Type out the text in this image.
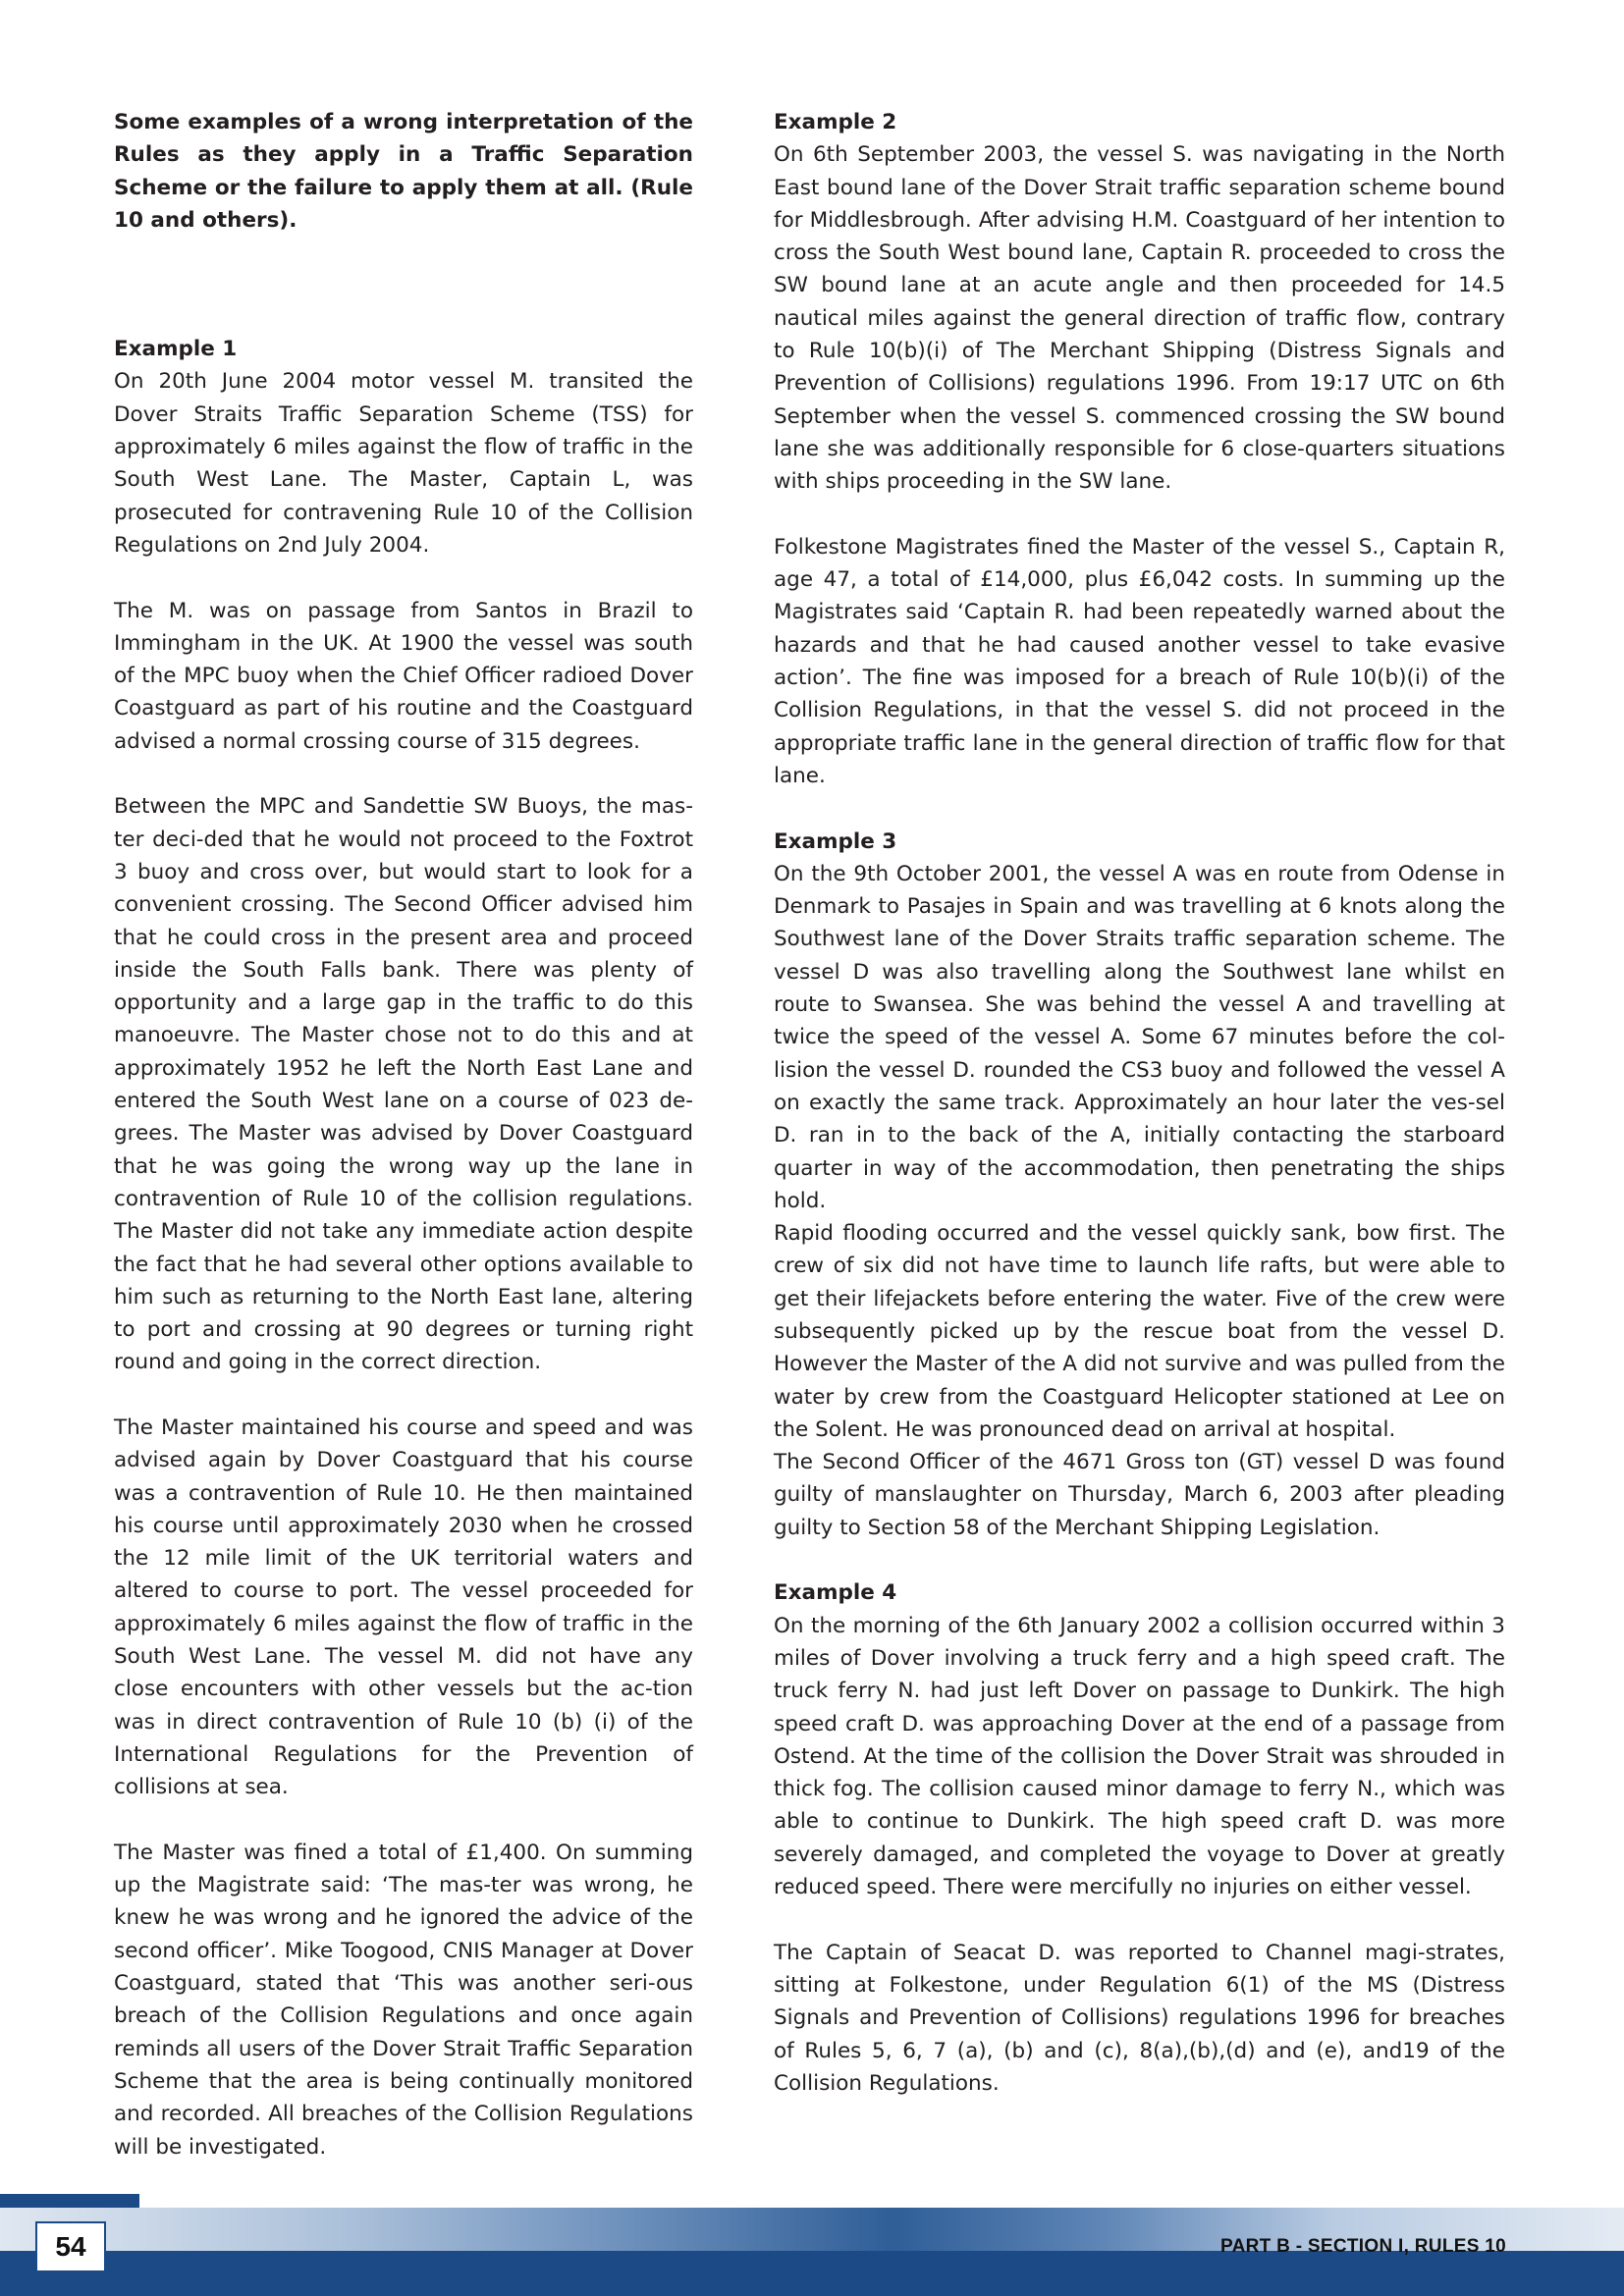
Some examples of a wrong interpretation of the Rules as they apply in a Traffic Separation Scheme or the failure to apply them at all. (Rule 10 and others).

Example 1

On 20th June 2004 motor vessel M. transited the Dover Straits Traffic Separation Scheme (TSS) for approximately 6 miles against the flow of traffic in the South West Lane. The Master, Captain L, was prosecuted for contravening Rule 10 of the Collision Regulations on 2nd July 2004.

The M. was on passage from Santos in Brazil to Immingham in the UK. At 1900 the vessel was south of the MPC buoy when the Chief Officer radioed Dover Coastguard as part of his routine and the Coastguard advised a normal crossing course of 315 degrees.

Between the MPC and Sandettie SW Buoys, the mas-ter deci-ded that he would not proceed to the Foxtrot 3 buoy and cross over, but would start to look for a convenient crossing. The Second Officer advised him that he could cross in the present area and proceed inside the South Falls bank. There was plenty of opportunity and a large gap in the traffic to do this manoeuvre. The Master chose not to do this and at approximately 1952 he left the North East Lane and entered the South West lane on a course of 023 de-grees. The Master was advised by Dover Coastguard that he was going the wrong way up the lane in contravention of Rule 10 of the collision regulations. The Master did not take any immediate action despite the fact that he had several other options available to him such as returning to the North East lane, altering to port and crossing at 90 degrees or turning right round and going in the correct direction.

The Master maintained his course and speed and was advised again by Dover Coastguard that his course was a contravention of Rule 10. He then maintained his course until approximately 2030 when he crossed the 12 mile limit of the UK territorial waters and altered to course to port. The vessel proceeded for approximately 6 miles against the flow of traffic in the South West Lane. The vessel M. did not have any close encounters with other vessels but the ac-tion was in direct contravention of Rule 10 (b) (i) of the International Regulations for the Prevention of collisions at sea.

The Master was fined a total of £1,400. On summing up the Magistrate said: ‘The mas-ter was wrong, he knew he was wrong and he ignored the advice of the second officer’. Mike Toogood, CNIS Manager at Dover Coastguard, stated that ‘This was another seri-ous breach of the Collision Regulations and once again reminds all users of the Dover Strait Traffic Separation Scheme that the area is being continually monitored and recorded. All breaches of the Collision Regulations will be investigated.

Example 2

On 6th September 2003, the vessel S. was navigating in the North East bound lane of the Dover Strait traffic separation scheme bound for Middlesbrough. After advising H.M. Coastguard of her intention to cross the South West bound lane, Captain R. proceeded to cross the SW bound lane at an acute angle and then proceeded for 14.5 nautical miles against the general direction of traffic flow, contrary to Rule 10(b)(i) of The Merchant Shipping (Distress Signals and Prevention of Collisions) regulations 1996. From 19:17 UTC on 6th September when the vessel S. commenced crossing the SW bound lane she was additionally responsible for 6 close-quarters situations with ships proceeding in the SW lane.

Folkestone Magistrates fined the Master of the vessel S., Captain R, age 47, a total of £14,000, plus £6,042 costs. In summing up the Magistrates said ‘Captain R. had been repeatedly warned about the hazards and that he had caused another vessel to take evasive action’. The fine was imposed for a breach of Rule 10(b)(i) of the Collision Regulations, in that the vessel S. did not proceed in the appropriate traffic lane in the general direction of traffic flow for that lane.

Example 3

On the 9th October 2001, the vessel A was en route from Odense in Denmark to Pasajes in Spain and was travelling at 6 knots along the Southwest lane of the Dover Straits traffic separation scheme. The vessel D was also travelling along the Southwest lane whilst en route to Swansea. She was behind the vessel A and travelling at twice the speed of the vessel A. Some 67 minutes before the col-lision the vessel D. rounded the CS3 buoy and followed the vessel A on exactly the same track. Approximately an hour later the ves-sel D. ran in to the back of the A, initially contacting the starboard quarter in way of the accommodation, then penetrating the ships hold.

Rapid flooding occurred and the vessel quickly sank, bow first. The crew of six did not have time to launch life rafts, but were able to get their lifejackets before entering the water. Five of the crew were subsequently picked up by the rescue boat from the vessel D. However the Master of the A did not survive and was pulled from the water by crew from the Coastguard Helicopter stationed at Lee on the Solent. He was pronounced dead on arrival at hospital.

The Second Officer of the 4671 Gross ton (GT) vessel D was found guilty of manslaughter on Thursday, March 6, 2003 after pleading guilty to Section 58 of the Merchant Shipping Legislation.

Example 4

On the morning of the 6th January 2002 a collision occurred within 3 miles of Dover involving a truck ferry and a high speed craft. The truck ferry N. had just left Dover on passage to Dunkirk. The high speed craft D. was approaching Dover at the end of a passage from Ostend. At the time of the collision the Dover Strait was shrouded in thick fog. The collision caused minor damage to ferry N., which was able to continue to Dunkirk. The high speed craft D. was more severely damaged, and completed the voyage to Dover at greatly reduced speed. There were mercifully no injuries on either vessel.

The Captain of Seacat D. was reported to Channel magi-strates, sitting at Folkestone, under Regulation 6(1) of the MS (Distress Signals and Prevention of Collisions) regulations 1996 for breaches of Rules 5, 6, 7 (a), (b) and (c), 8(a),(b),(d) and (e), and19 of the Collision Regulations.

54	PART B - SECTION I, RULES 10
